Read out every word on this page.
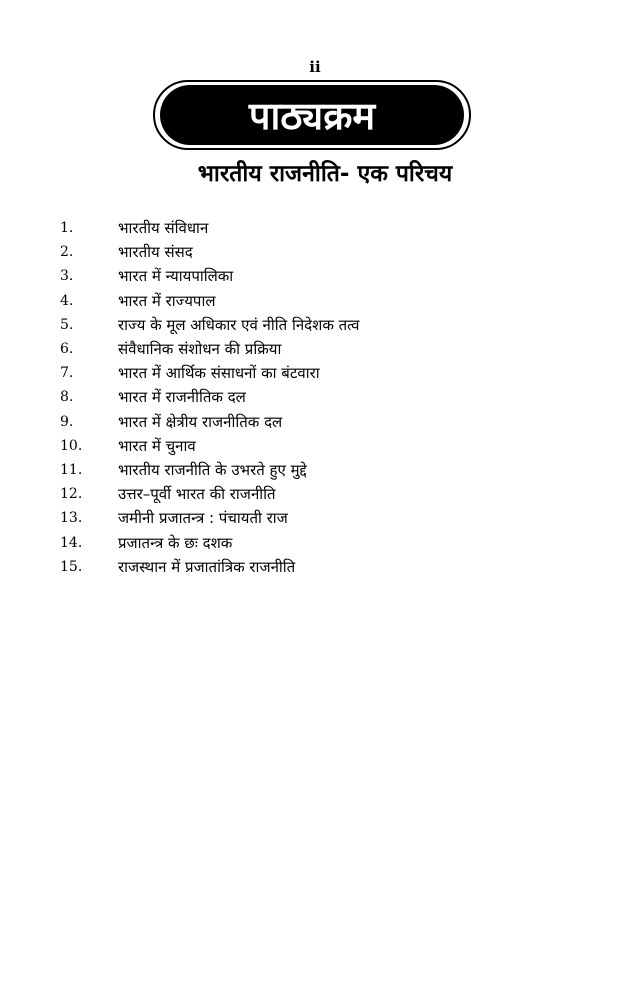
ii
पाठ्यक्रम
भारतीय राजनीति- एक परिचय
1.	भारतीय संविधान
2.	भारतीय संसद
3.	भारत में न्यायपालिका
4.	भारत में राज्यपाल
5.	राज्य के मूल अधिकार एवं नीति निदेशक तत्व
6.	संवैधानिक संशोधन की प्रक्रिया
7.	भारत में आर्थिक संसाधनों का बंटवारा
8.	भारत में राजनीतिक दल
9.	भारत में क्षेत्रीय राजनीतिक दल
10.	भारत में चुनाव
11.	भारतीय राजनीति के उभरते हुए मुद्दे
12.	उत्तर–पूर्वी भारत की राजनीति
13.	जमीनी प्रजातन्त्र : पंचायती राज
14.	प्रजातन्त्र के छः दशक
15.	राजस्थान में प्रजातांत्रिक राजनीति
